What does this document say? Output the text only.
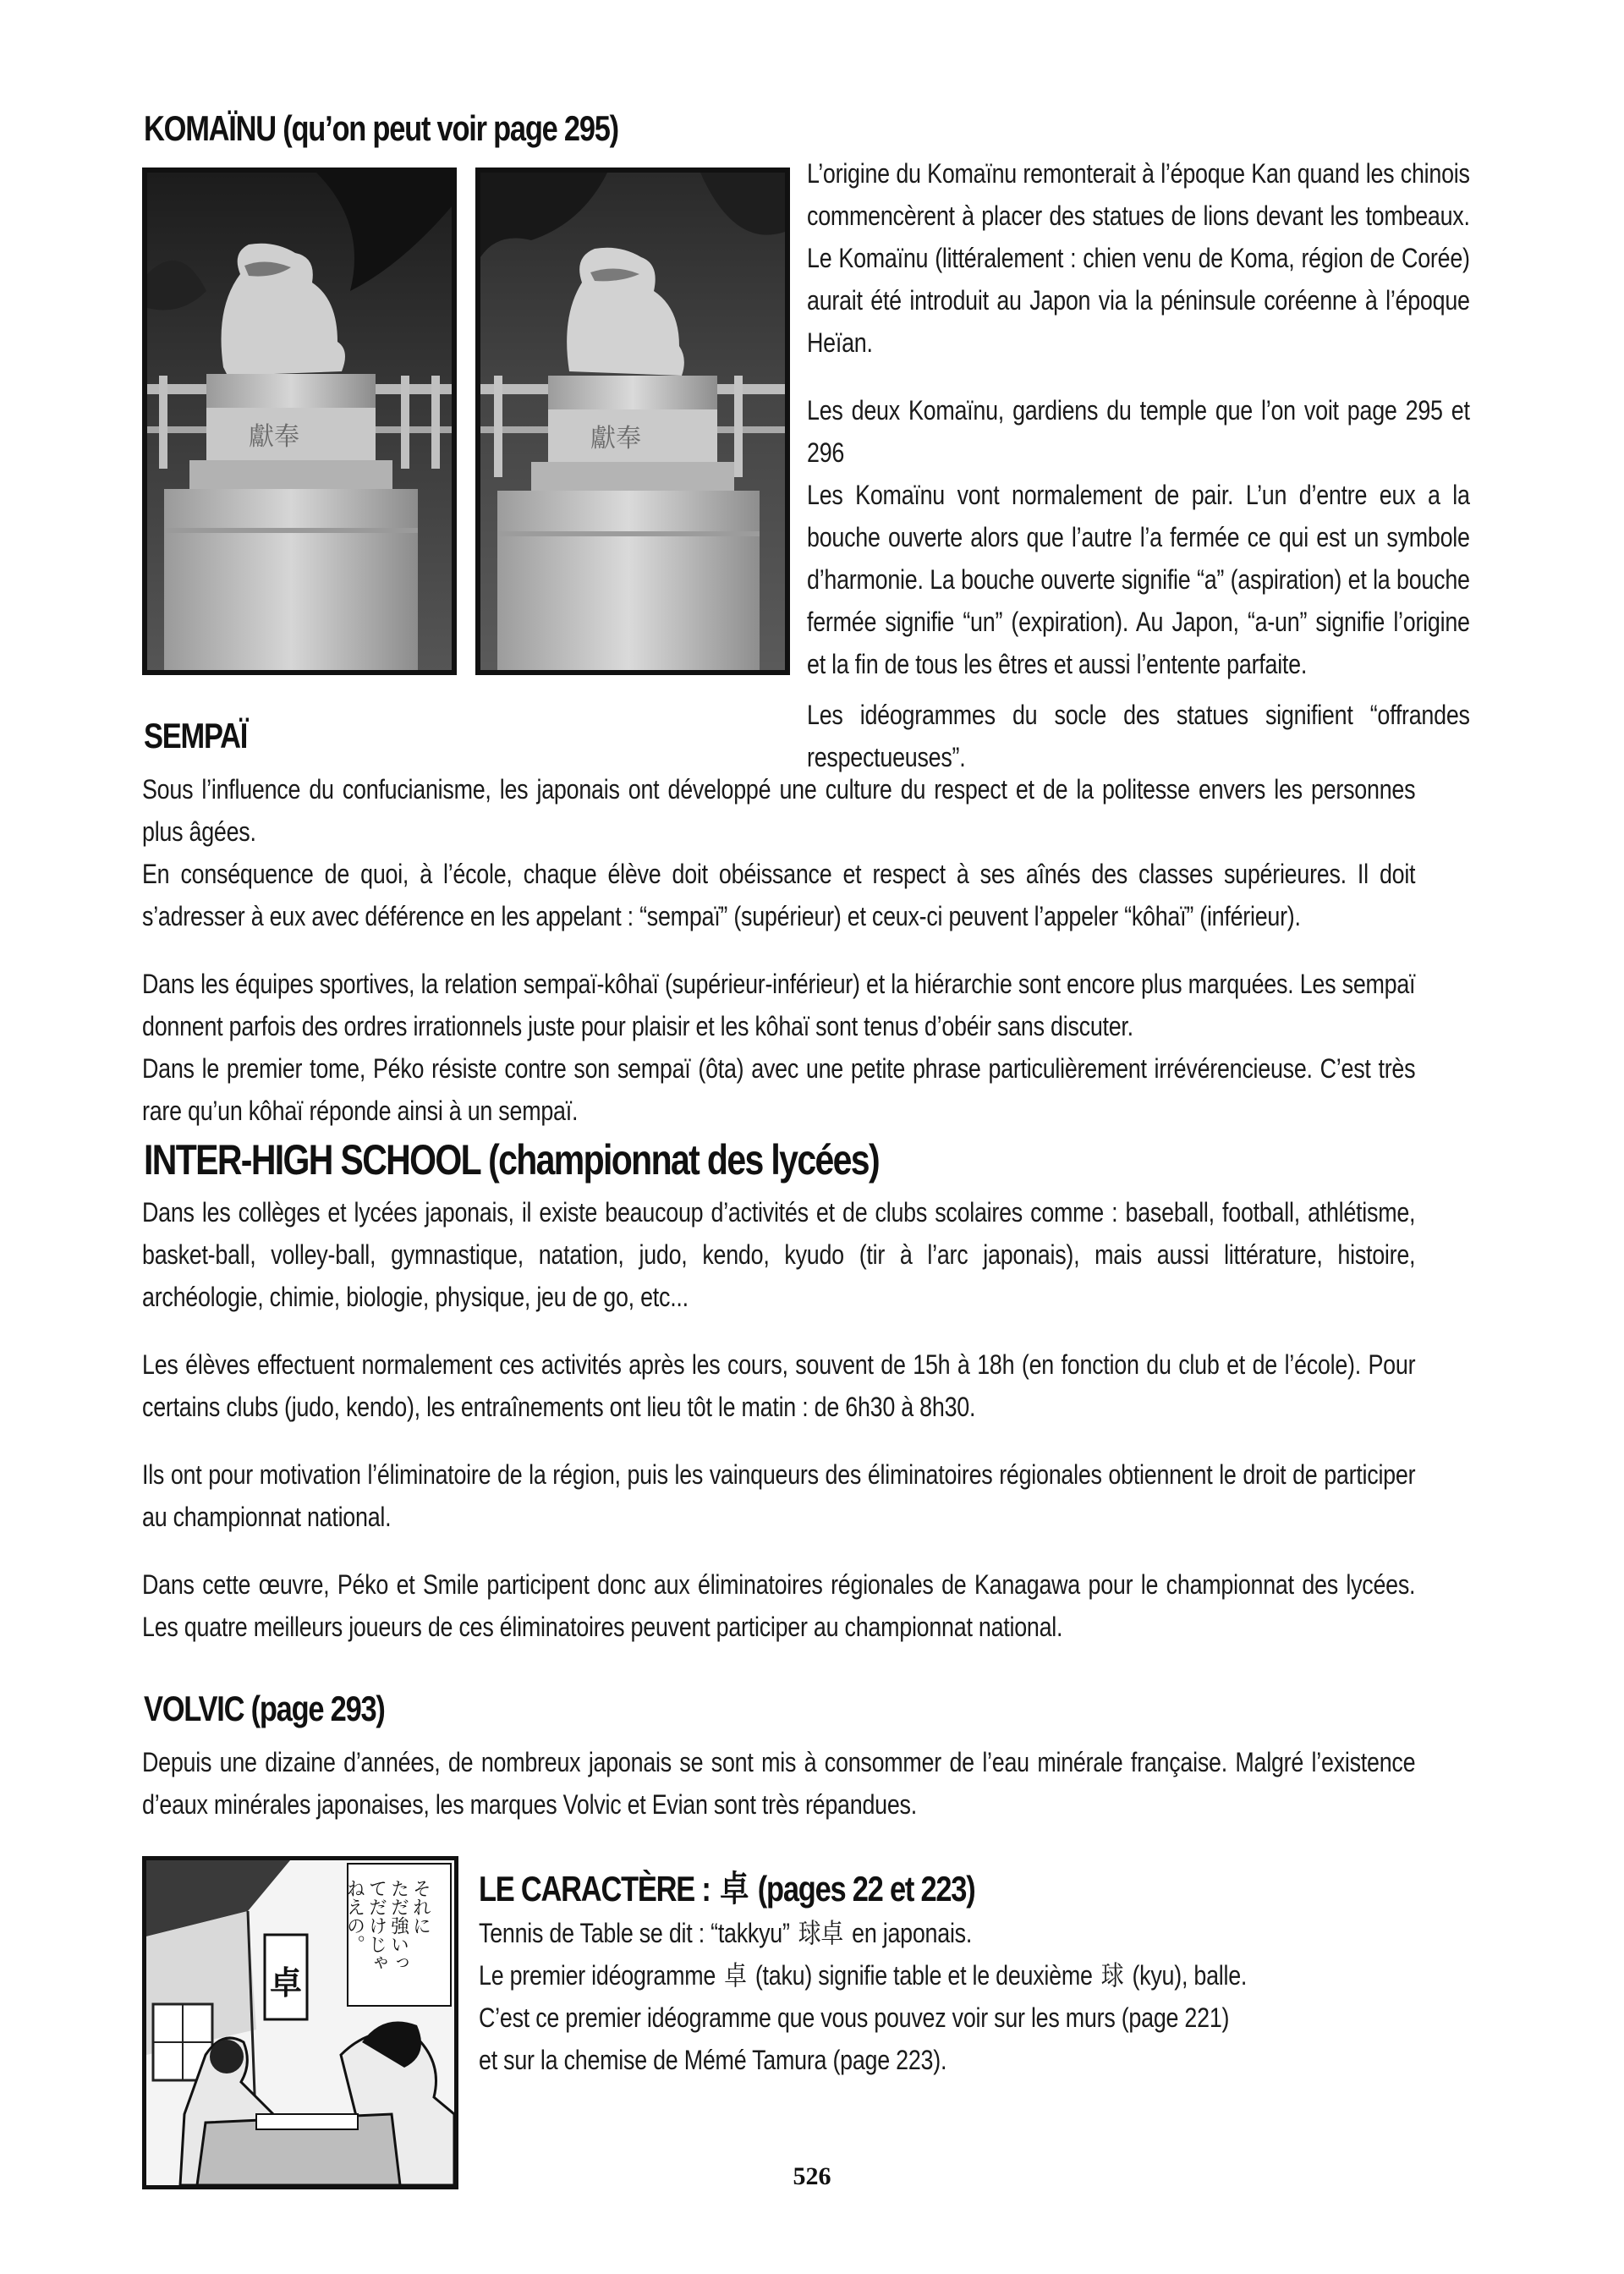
KOMAÏNU (qu’on peut voir page 295)
獻奉	獻奉

L’origine du Komaïnu remonterait à l’époque Kan quand les chinois commencèrent à placer des statues de lions devant les tombeaux. Le Komaïnu (littéralement : chien venu de Koma, région de Corée) aurait été introduit au Japon via la péninsule coréenne à l’époque Heïan.

Les deux Komaïnu, gardiens du temple que l’on voit page 295 et 296

Les Komaïnu vont normalement de pair. L’un d’entre eux a la bouche ouverte alors que l’autre l’a fermée ce qui est un symbole d’harmonie. La bouche ouverte signifie “a” (aspiration) et la bouche fermée signifie “un” (expiration). Au Japon, “a-un” signifie l’origine et la fin de tous les êtres et aussi l’entente parfaite.

Les idéogrammes du socle des statues signifient “offrandes respectueuses”.

SEMPAÏ

Sous l’influence du confucianisme, les japonais ont développé une culture du respect et de la politesse envers les personnes plus âgées.

En conséquence de quoi, à l’école, chaque élève doit obéissance et respect à ses aînés des classes supérieures. Il doit s’adresser à eux avec déférence en les appelant : “sempaï” (supérieur) et ceux-ci peuvent l’appeler “kôhaï” (inférieur).

Dans les équipes sportives, la relation sempaï-kôhaï (supérieur-inférieur) et la hiérarchie sont encore plus marquées. Les sempaï donnent parfois des ordres irrationnels juste pour plaisir et les kôhaï sont tenus d’obéir sans discuter.

Dans le premier tome, Péko résiste contre son sempaï (ôta) avec une petite phrase particulièrement irrévérencieuse. C’est très rare qu’un kôhaï réponde ainsi à un sempaï.

INTER-HIGH SCHOOL (championnat des lycées)

Dans les collèges et lycées japonais, il existe beaucoup d’activités et de clubs scolaires comme : baseball, football, athlétisme, basket-ball, volley-ball, gymnastique, natation, judo, kendo, kyudo (tir à l’arc japonais), mais aussi littérature, histoire, archéologie, chimie, biologie, physique, jeu de go, etc...

Les élèves effectuent normalement ces activités après les cours, souvent de 15h à 18h (en fonction du club et de l’école). Pour certains clubs (judo, kendo), les entraînements ont lieu tôt le matin : de 6h30 à 8h30.

Ils ont pour motivation l’éliminatoire de la région, puis les vainqueurs des éliminatoires régionales obtiennent le droit de participer au championnat national.

Dans cette œuvre, Péko et Smile participent donc aux éliminatoires régionales de Kanagawa pour le championnat des lycées. Les quatre meilleurs joueurs de ces éliminatoires peuvent participer au championnat national.

VOLVIC (page 293)

Depuis une dizaine d’années, de nombreux japonais se sont mis à consommer de l’eau minérale française. Malgré l’existence d’eaux minérales japonaises, les marques Volvic et Evian sont très répandues.

卓
それに
ただ強いっ
てだけじゃ
ねえの。	LE CARACTÈRE : 卓 (pages 22 et 223)
Tennis de Table se dit : “takkyu” 球卓 en japonais.
Le premier idéogramme 卓 (taku) signifie table et le deuxième 球 (kyu), balle.
C’est ce premier idéogramme que vous pouvez voir sur les murs (page 221)
et sur la chemise de Mémé Tamura (page 223).
526
